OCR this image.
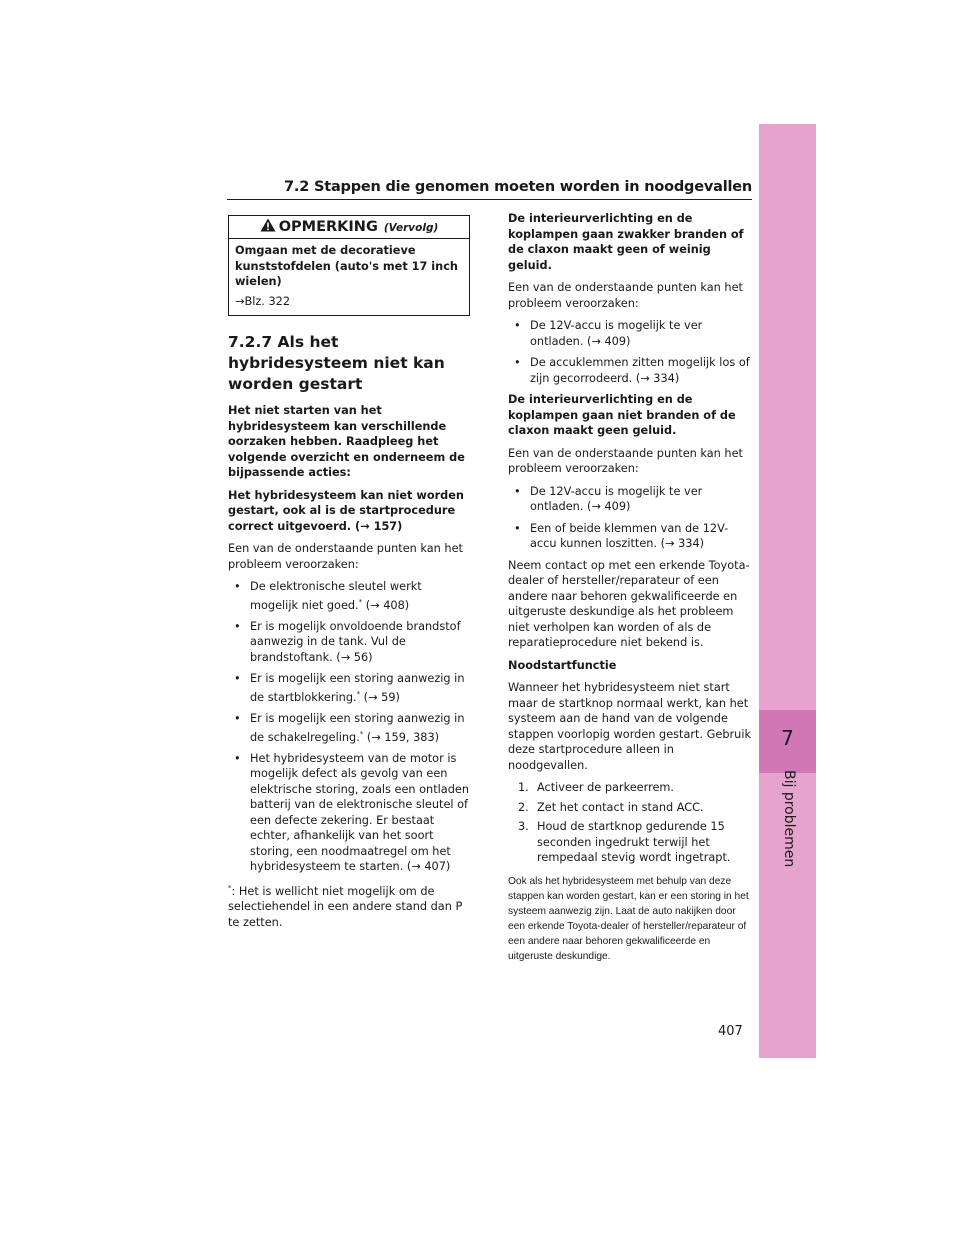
7.2 Stappen die genomen moeten worden in noodgevallen
7
Bij problemen
407
OPMERKING (Vervolg)
Omgaan met de decoratieve kunststofdelen (auto's met 17 inch wielen)
→Blz. 322
7.2.7 Als het hybridesysteem niet kan worden gestart

Het niet starten van het hybridesysteem kan verschillende oorzaken hebben. Raadpleeg het volgende overzicht en onderneem de bijpassende acties:

Het hybridesysteem kan niet worden gestart, ook al is de startprocedure correct uitgevoerd. (→ 157)

Een van de onderstaande punten kan het probleem veroorzaken:

• De elektronische sleutel werkt mogelijk niet goed.* (→ 408)
• Er is mogelijk onvoldoende brandstof aanwezig in de tank. Vul de brandstoftank. (→ 56)
• Er is mogelijk een storing aanwezig in de startblokkering.* (→ 59)
• Er is mogelijk een storing aanwezig in de schakelregeling.* (→ 159, 383)
• Het hybridesysteem van de motor is mogelijk defect als gevolg van een elektrische storing, zoals een ontladen batterij van de elektronische sleutel of een defecte zekering. Er bestaat echter, afhankelijk van het soort storing, een noodmaatregel om het hybridesysteem te starten. (→ 407)

*: Het is wellicht niet mogelijk om de selectiehendel in een andere stand dan P te zetten.

De interieurverlichting en de koplampen gaan zwakker branden of de claxon maakt geen of weinig geluid.

Een van de onderstaande punten kan het probleem veroorzaken:

• De 12V-accu is mogelijk te ver ontladen. (→ 409)
• De accuklemmen zitten mogelijk los of zijn gecorrodeerd. (→ 334)

De interieurverlichting en de koplampen gaan niet branden of de claxon maakt geen geluid.

Een van de onderstaande punten kan het probleem veroorzaken:

• De 12V-accu is mogelijk te ver ontladen. (→ 409)
• Een of beide klemmen van de 12V-accu kunnen loszitten. (→ 334)

Neem contact op met een erkende Toyota-dealer of hersteller/reparateur of een andere naar behoren gekwalificeerde en uitgeruste deskundige als het probleem niet verholpen kan worden of als de reparatieprocedure niet bekend is.

Noodstartfunctie

Wanneer het hybridesysteem niet start maar de startknop normaal werkt, kan het systeem aan de hand van de volgende stappen voorlopig worden gestart. Gebruik deze startprocedure alleen in noodgevallen.

1. Activeer de parkeerrem.
2. Zet het contact in stand ACC.
3. Houd de startknop gedurende 15 seconden ingedrukt terwijl het rempedaal stevig wordt ingetrapt.

Ook als het hybridesysteem met behulp van deze stappen kan worden gestart, kan er een storing in het systeem aanwezig zijn. Laat de auto nakijken door een erkende Toyota-dealer of hersteller/reparateur of een andere naar behoren gekwalificeerde en uitgeruste deskundige.
